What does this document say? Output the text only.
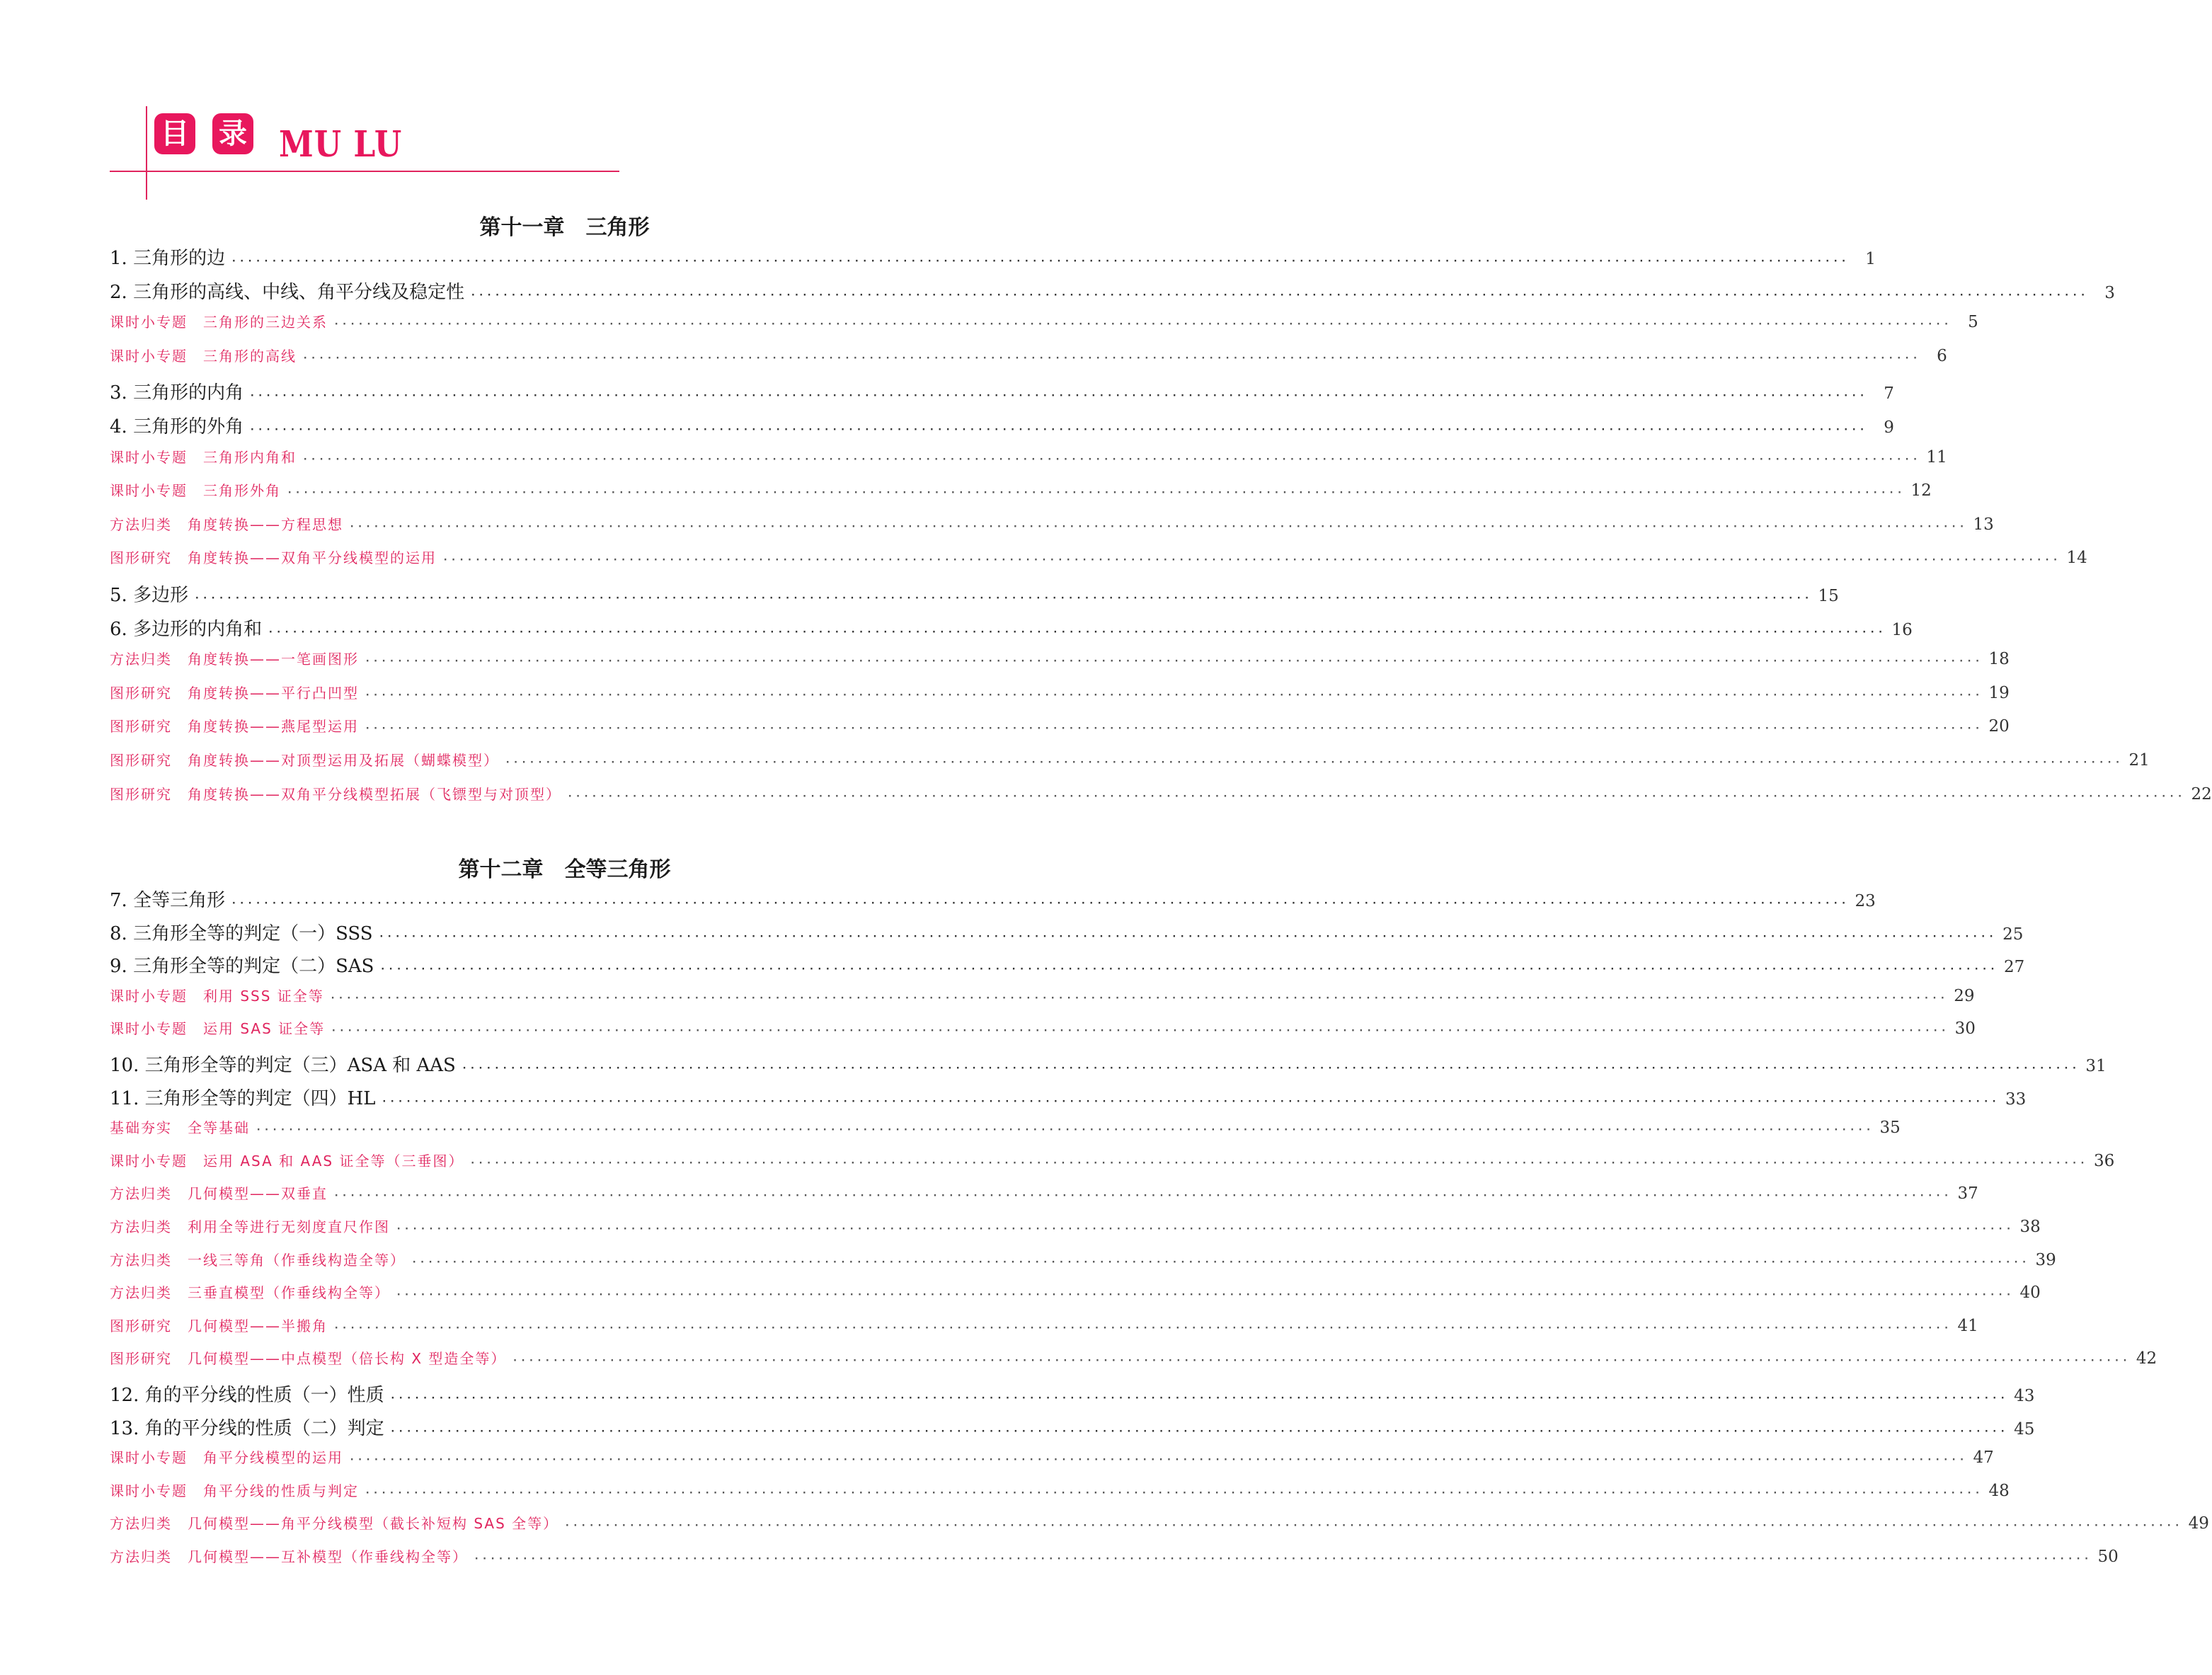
目 录 MU LU
第十一章　三角形
1. 三角形的边 ········································································································································································································	1
2. 三角形的高线、中线、角平分线及稳定性 ········································································································································································································	3
课时小专题　三角形的三边关系 ········································································································································································································	5
课时小专题　三角形的高线 ········································································································································································································	6
3. 三角形的内角 ········································································································································································································	7
4. 三角形的外角 ········································································································································································································	9
课时小专题　三角形内角和 ········································································································································································································ 11
课时小专题　三角形外角 ········································································································································································································ 12
方法归类　角度转换——方程思想 ········································································································································································································ 13
图形研究　角度转换——双角平分线模型的运用 ········································································································································································································ 14
5. 多边形 ········································································································································································································ 15
6. 多边形的内角和 ········································································································································································································ 16
方法归类　角度转换——一笔画图形 ········································································································································································································ 18
图形研究　角度转换——平行凸凹型 ········································································································································································································ 19
图形研究　角度转换——燕尾型运用 ········································································································································································································ 20
图形研究　角度转换——对顶型运用及拓展（蝴蝶模型） ········································································································································································································ 21
图形研究　角度转换——双角平分线模型拓展（飞镖型与对顶型） ········································································································································································································ 22
第十二章　全等三角形
7. 全等三角形 ········································································································································································································ 23
8. 三角形全等的判定（一）SSS ········································································································································································································ 25
9. 三角形全等的判定（二）SAS ········································································································································································································ 27
课时小专题　利用 SSS 证全等 ········································································································································································································ 29
课时小专题　运用 SAS 证全等 ········································································································································································································ 30
10. 三角形全等的判定（三）ASA 和 AAS ········································································································································································································ 31
11. 三角形全等的判定（四）HL ········································································································································································································ 33
基础夯实　全等基础 ········································································································································································································ 35
课时小专题　运用 ASA 和 AAS 证全等（三垂图） ········································································································································································································ 36
方法归类　几何模型——双垂直 ········································································································································································································ 37
方法归类　利用全等进行无刻度直尺作图 ········································································································································································································ 38
方法归类　一线三等角（作垂线构造全等） ········································································································································································································ 39
方法归类　三垂直模型（作垂线构全等） ········································································································································································································ 40
图形研究　几何模型——半搬角 ········································································································································································································ 41
图形研究　几何模型——中点模型（倍长构 X 型造全等） ········································································································································································································ 42
12. 角的平分线的性质（一）性质 ········································································································································································································ 43
13. 角的平分线的性质（二）判定 ········································································································································································································ 45
课时小专题　角平分线模型的运用 ········································································································································································································ 47
课时小专题　角平分线的性质与判定 ········································································································································································································ 48
方法归类　几何模型——角平分线模型（截长补短构 SAS 全等） ········································································································································································································ 49
方法归类　几何模型——互补模型（作垂线构全等） ········································································································································································································ 50
